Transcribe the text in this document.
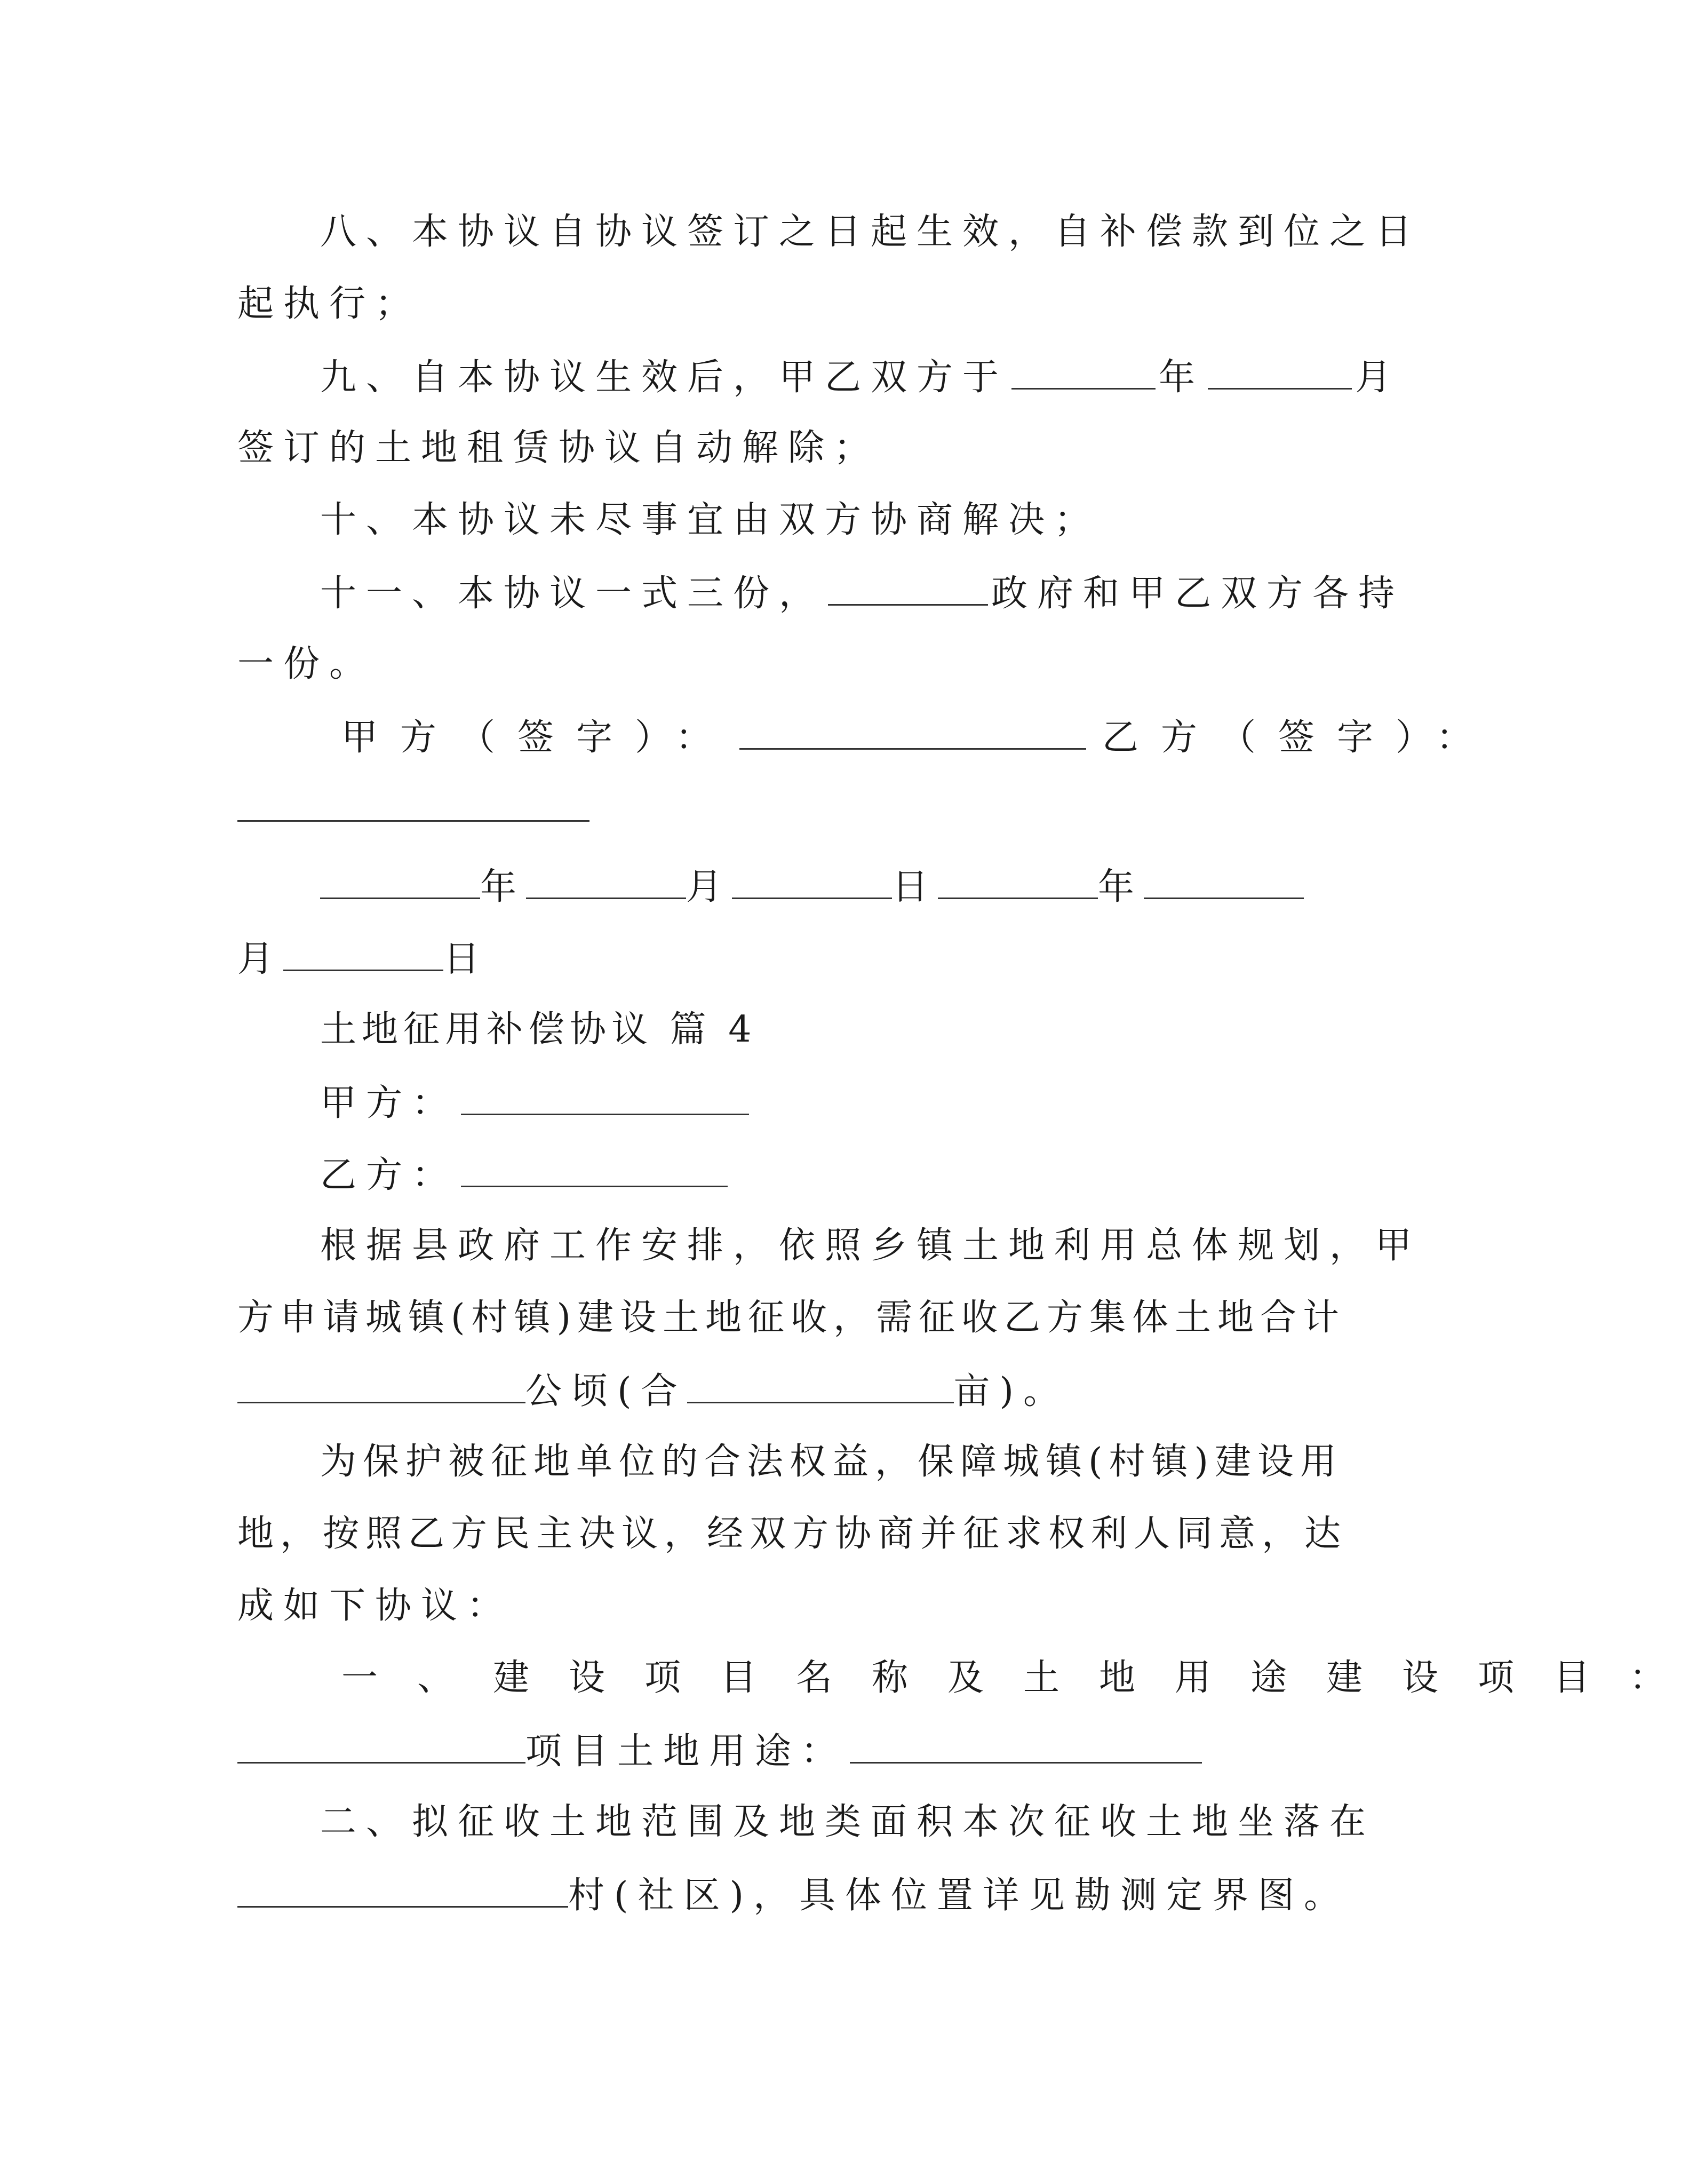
八、本协议自协议签订之日起生效，自补偿款到位之日
起执行；
九、自本协议生效后，甲乙双方于	年	月
签订的土地租赁协议自动解除；
十、本协议未尽事宜由双方协商解决；
十一、本协议一式三份，	政府和甲乙双方各持
一份。
甲方（签字）：	乙方（签字）：
年	月	日	年
月	日
土地征用补偿协议 篇 4
甲方：
乙方：
根据县政府工作安排，依照乡镇土地利用总体规划，甲
方申请城镇(村镇)建设土地征收，需征收乙方集体土地合计
公顷(合	亩)。
为保护被征地单位的合法权益，保障城镇(村镇)建设用
地，按照乙方民主决议，经双方协商并征求权利人同意，达
成如下协议：
一、建设项目名称及土地用途建设项目：
项目土地用途：
二、拟征收土地范围及地类面积本次征收土地坐落在
村(社区)，具体位置详见勘测定界图。
